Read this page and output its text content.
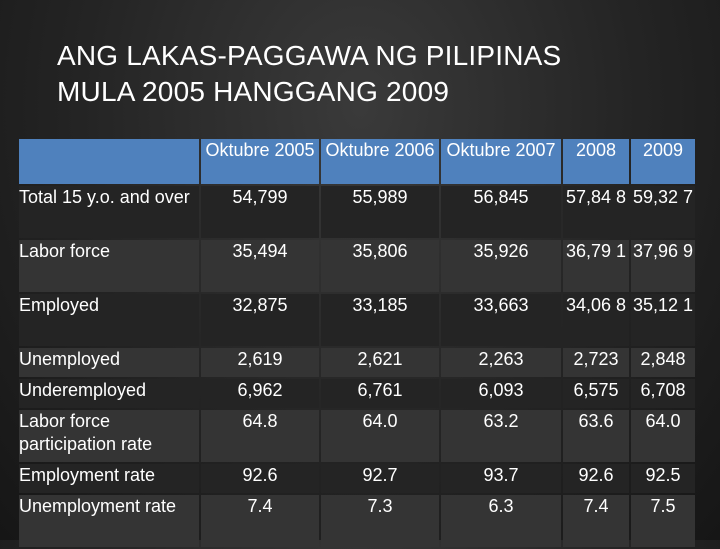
ANG LAKAS-PAGGAWA NG PILIPINAS
MULA 2005 HANGGANG 2009
	Oktubre 2005	Oktubre 2006	Oktubre 2007	2008	2009
Total 15 y.o. and over	54,799	55,989	56,845	57,84 8	59,32 7
Labor force	35,494	35,806	35,926	36,79 1	37,96 9
Employed	32,875	33,185	33,663	34,06 8	35,12 1
Unemployed	2,619	2,621	2,263	2,723	2,848
Underemployed	6,962	6,761	6,093	6,575	6,708
Labor force participation rate	64.8	64.0	63.2	63.6	64.0
Employment rate	92.6	92.7	93.7	92.6	92.5
Unemployment rate	7.4	7.3	6.3	7.4	7.5
